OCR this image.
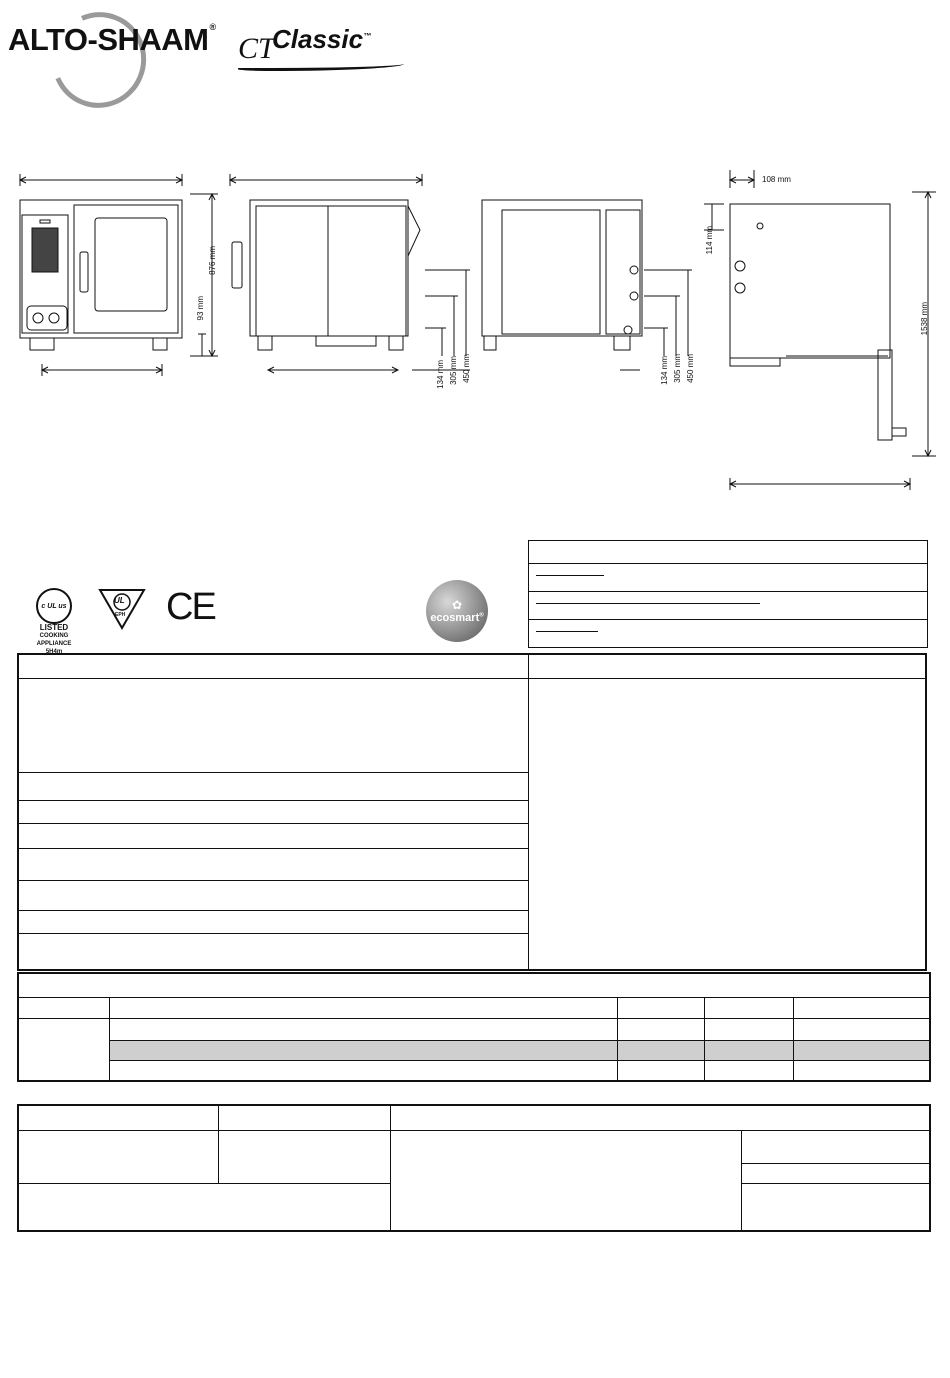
ALTO-SHAAM®
CT
Classic™
876 mm
93 mm
134 mm 305 mm 450 mm	134 mm 305 mm 450 mm
108 mm
114 mm
1538 mm
c UL us
LISTED
COOKING APPLIANCE
5H4m
UL
EPH CE	✿
ecosmart®
